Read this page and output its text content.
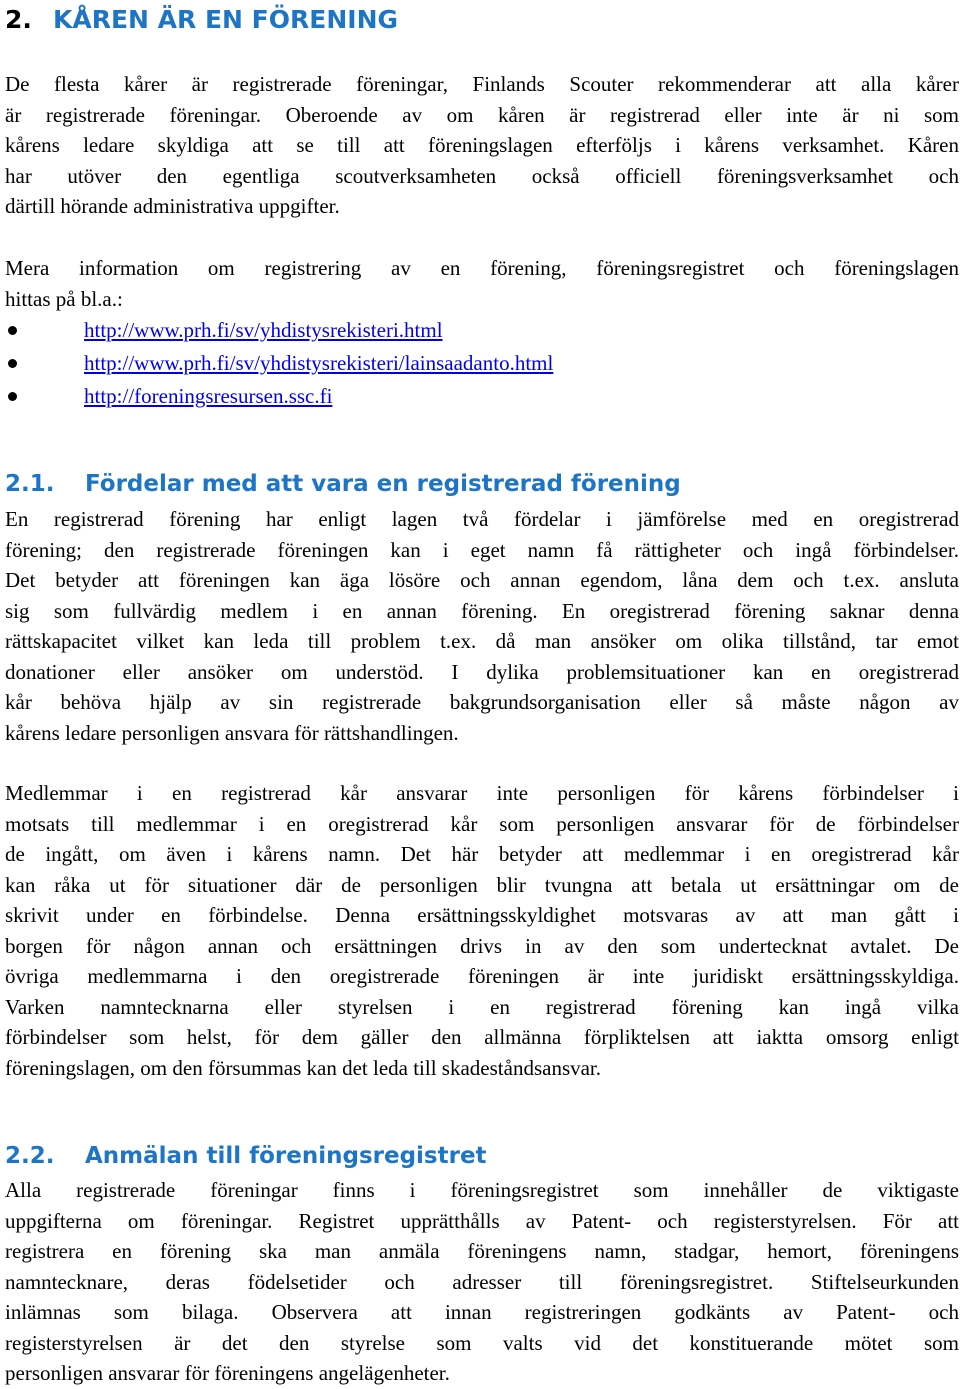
2. KÅREN ÄR EN FÖRENING
De flesta kårer är registrerade föreningar, Finlands Scouter rekommenderar att alla kårer
är registrerade föreningar. Oberoende av om kåren är registrerad eller inte är ni som
kårens ledare skyldiga att se till att föreningslagen efterföljs i kårens verksamhet. Kåren
har utöver den egentliga scoutverksamheten också officiell föreningsverksamhet och
därtill hörande administrativa uppgifter.
Mera information om registrering av en förening, föreningsregistret och föreningslagen
hittas på bl.a.:
http://www.prh.fi/sv/yhdistysrekisteri.html
http://www.prh.fi/sv/yhdistysrekisteri/lainsaadanto.html
http://foreningsresursen.ssc.fi
2.1. Fördelar med att vara en registrerad förening
En registrerad förening har enligt lagen två fördelar i jämförelse med en oregistrerad
förening; den registrerade föreningen kan i eget namn få rättigheter och ingå förbindelser.
Det betyder att föreningen kan äga lösöre och annan egendom, låna dem och t.ex. ansluta
sig som fullvärdig medlem i en annan förening. En oregistrerad förening saknar denna
rättskapacitet vilket kan leda till problem t.ex. då man ansöker om olika tillstånd, tar emot
donationer eller ansöker om understöd. I dylika problemsituationer kan en oregistrerad
kår behöva hjälp av sin registrerade bakgrundsorganisation eller så måste någon av
kårens ledare personligen ansvara för rättshandlingen.
Medlemmar i en registrerad kår ansvarar inte personligen för kårens förbindelser i
motsats till medlemmar i en oregistrerad kår som personligen ansvarar för de förbindelser
de ingått, om även i kårens namn. Det här betyder att medlemmar i en oregistrerad kår
kan råka ut för situationer där de personligen blir tvungna att betala ut ersättningar om de
skrivit under en förbindelse. Denna ersättningsskyldighet motsvaras av att man gått i
borgen för någon annan och ersättningen drivs in av den som undertecknat avtalet. De
övriga medlemmarna i den oregistrerade föreningen är inte juridiskt ersättningsskyldiga.
Varken namntecknarna eller styrelsen i en registrerad förening kan ingå vilka
förbindelser som helst, för dem gäller den allmänna förpliktelsen att iaktta omsorg enligt
föreningslagen, om den försummas kan det leda till skadeståndsansvar.
2.2. Anmälan till föreningsregistret
Alla registrerade föreningar finns i föreningsregistret som innehåller de viktigaste
uppgifterna om föreningar. Registret upprätthålls av Patent- och registerstyrelsen. För att
registrera en förening ska man anmäla föreningens namn, stadgar, hemort, föreningens
namntecknare, deras födelsetider och adresser till föreningsregistret. Stiftelseurkunden
inlämnas som bilaga. Observera att innan registreringen godkänts av Patent- och
registerstyrelsen är det den styrelse som valts vid det konstituerande mötet som
personligen ansvarar för föreningens angelägenheter.
